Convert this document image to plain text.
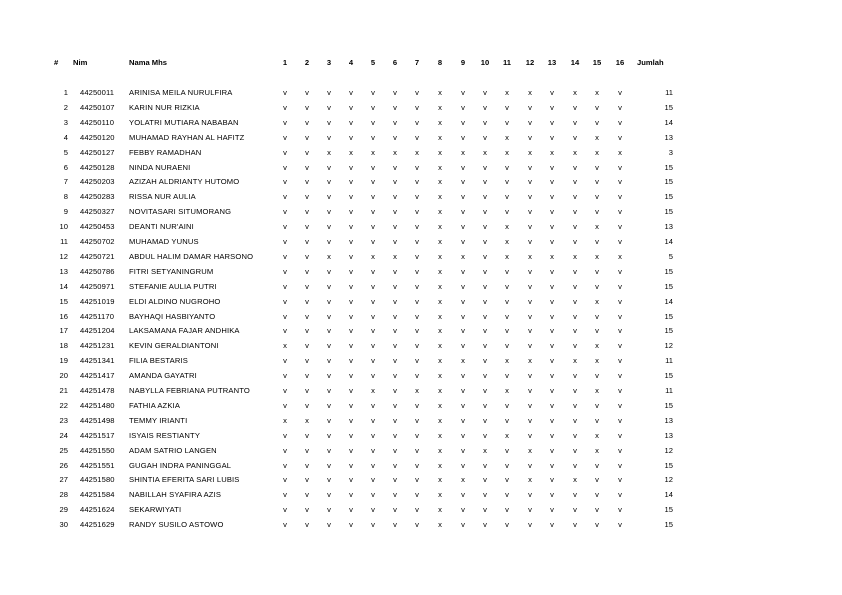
# Nim	Nama Mhs	1	2	3	4	5	6	7	8	9	10 11 12 13 14 15 16 Jumlah
1 44250011	ARINISA MEILA NURULFIRA	v	v	v	v	v	v	v	x	v	v	x	x	v	x	x	v	11
2 44250107	KARIN NUR RIZKIA	v	v	v	v	v	v	v	x	v	v	v	v	v	v	v	v	15
3 44250110	YOLATRI MUTIARA NABABAN	v	v	v	v	v	v	v	x	v	v	v	v	v	v	v	v	14
4 44250120	MUHAMAD RAYHAN AL HAFITZ	v	v	v	v	v	v	v	x	v	v	x	v	v	v	x	v	13
5 44250127	FEBBY RAMADHAN	v	v	x	x	x	x	x	x	x	x	x	x	x	x	x	x	3
6 44250128	NINDA NURAENI	v	v	v	v	v	v	v	x	v	v	v	v	v	v	v	v	15
7 44250203	AZIZAH ALDRIANTY HUTOMO	v	v	v	v	v	v	v	x	v	v	v	v	v	v	v	v	15
8 44250283	RISSA NUR AULIA	v	v	v	v	v	v	v	x	v	v	v	v	v	v	v	v	15
9 44250327	NOVITASARI SITUMORANG	v	v	v	v	v	v	v	x	v	v	v	v	v	v	v	v	15
10 44250453	DEANTI NUR'AINI	v	v	v	v	v	v	v	x	v	v	x	v	v	v	x	v	13
11 44250702	MUHAMAD YUNUS	v	v	v	v	v	v	v	x	v	v	x	v	v	v	v	v	14
12 44250721	ABDUL HALIM DAMAR HARSONO	v	v	x	v	x	x	v	x	x	v	x	x	x	x	x	x	5
13 44250786	FITRI SETYANINGRUM	v	v	v	v	v	v	v	x	v	v	v	v	v	v	v	v	15
14 44250971	STEFANIE AULIA PUTRI	v	v	v	v	v	v	v	x	v	v	v	v	v	v	v	v	15
15 44251019	ELDI ALDINO NUGROHO	v	v	v	v	v	v	v	x	v	v	v	v	v	v	x	v	14
16 44251170	BAYHAQI HASBIYANTO	v	v	v	v	v	v	v	x	v	v	v	v	v	v	v	v	15
17 44251204	LAKSAMANA FAJAR ANDHIKA	v	v	v	v	v	v	v	x	v	v	v	v	v	v	v	v	15
18 44251231	KEVIN GERALDIANTONI	x	v	v	v	v	v	v	x	v	v	v	v	v	v	x	v	12
19 44251341	FILIA BESTARIS	v	v	v	v	v	v	v	x	x	v	x	x	v	x	x	v	11
20 44251417	AMANDA GAYATRI	v	v	v	v	v	v	v	x	v	v	v	v	v	v	v	v	15
21 44251478	NABYLLA FEBRIANA PUTRANTO	v	v	v	v	x	v	x	x	v	v	x	v	v	v	x	v	11
22 44251480	FATHIA AZKIA	v	v	v	v	v	v	v	x	v	v	v	v	v	v	v	v	15
23 44251498	TEMMY IRIANTI	x	x	v	v	v	v	v	x	v	v	v	v	v	v	v	v	13
24 44251517	ISYAIS RESTIANTY	v	v	v	v	v	v	v	x	v	v	x	v	v	v	x	v	13
25 44251550	ADAM SATRIO LANGEN	v	v	v	v	v	v	v	x	v	x	v	x	v	v	x	v	12
26 44251551	GUGAH INDRA PANINGGAL	v	v	v	v	v	v	v	x	v	v	v	v	v	v	v	v	15
27 44251580	SHINTIA EFERITA SARI LUBIS	v	v	v	v	v	v	v	x	x	v	v	x	v	x	v	v	12
28 44251584	NABILLAH SYAFIRA AZIS	v	v	v	v	v	v	v	x	v	v	v	v	v	v	v	v	14
29 44251624	SEKARWIYATI	v	v	v	v	v	v	v	x	v	v	v	v	v	v	v	v	15
30 44251629	RANDY SUSILO ASTOWO	v	v	v	v	v	v	v	x	v	v	v	v	v	v	v	v	15
